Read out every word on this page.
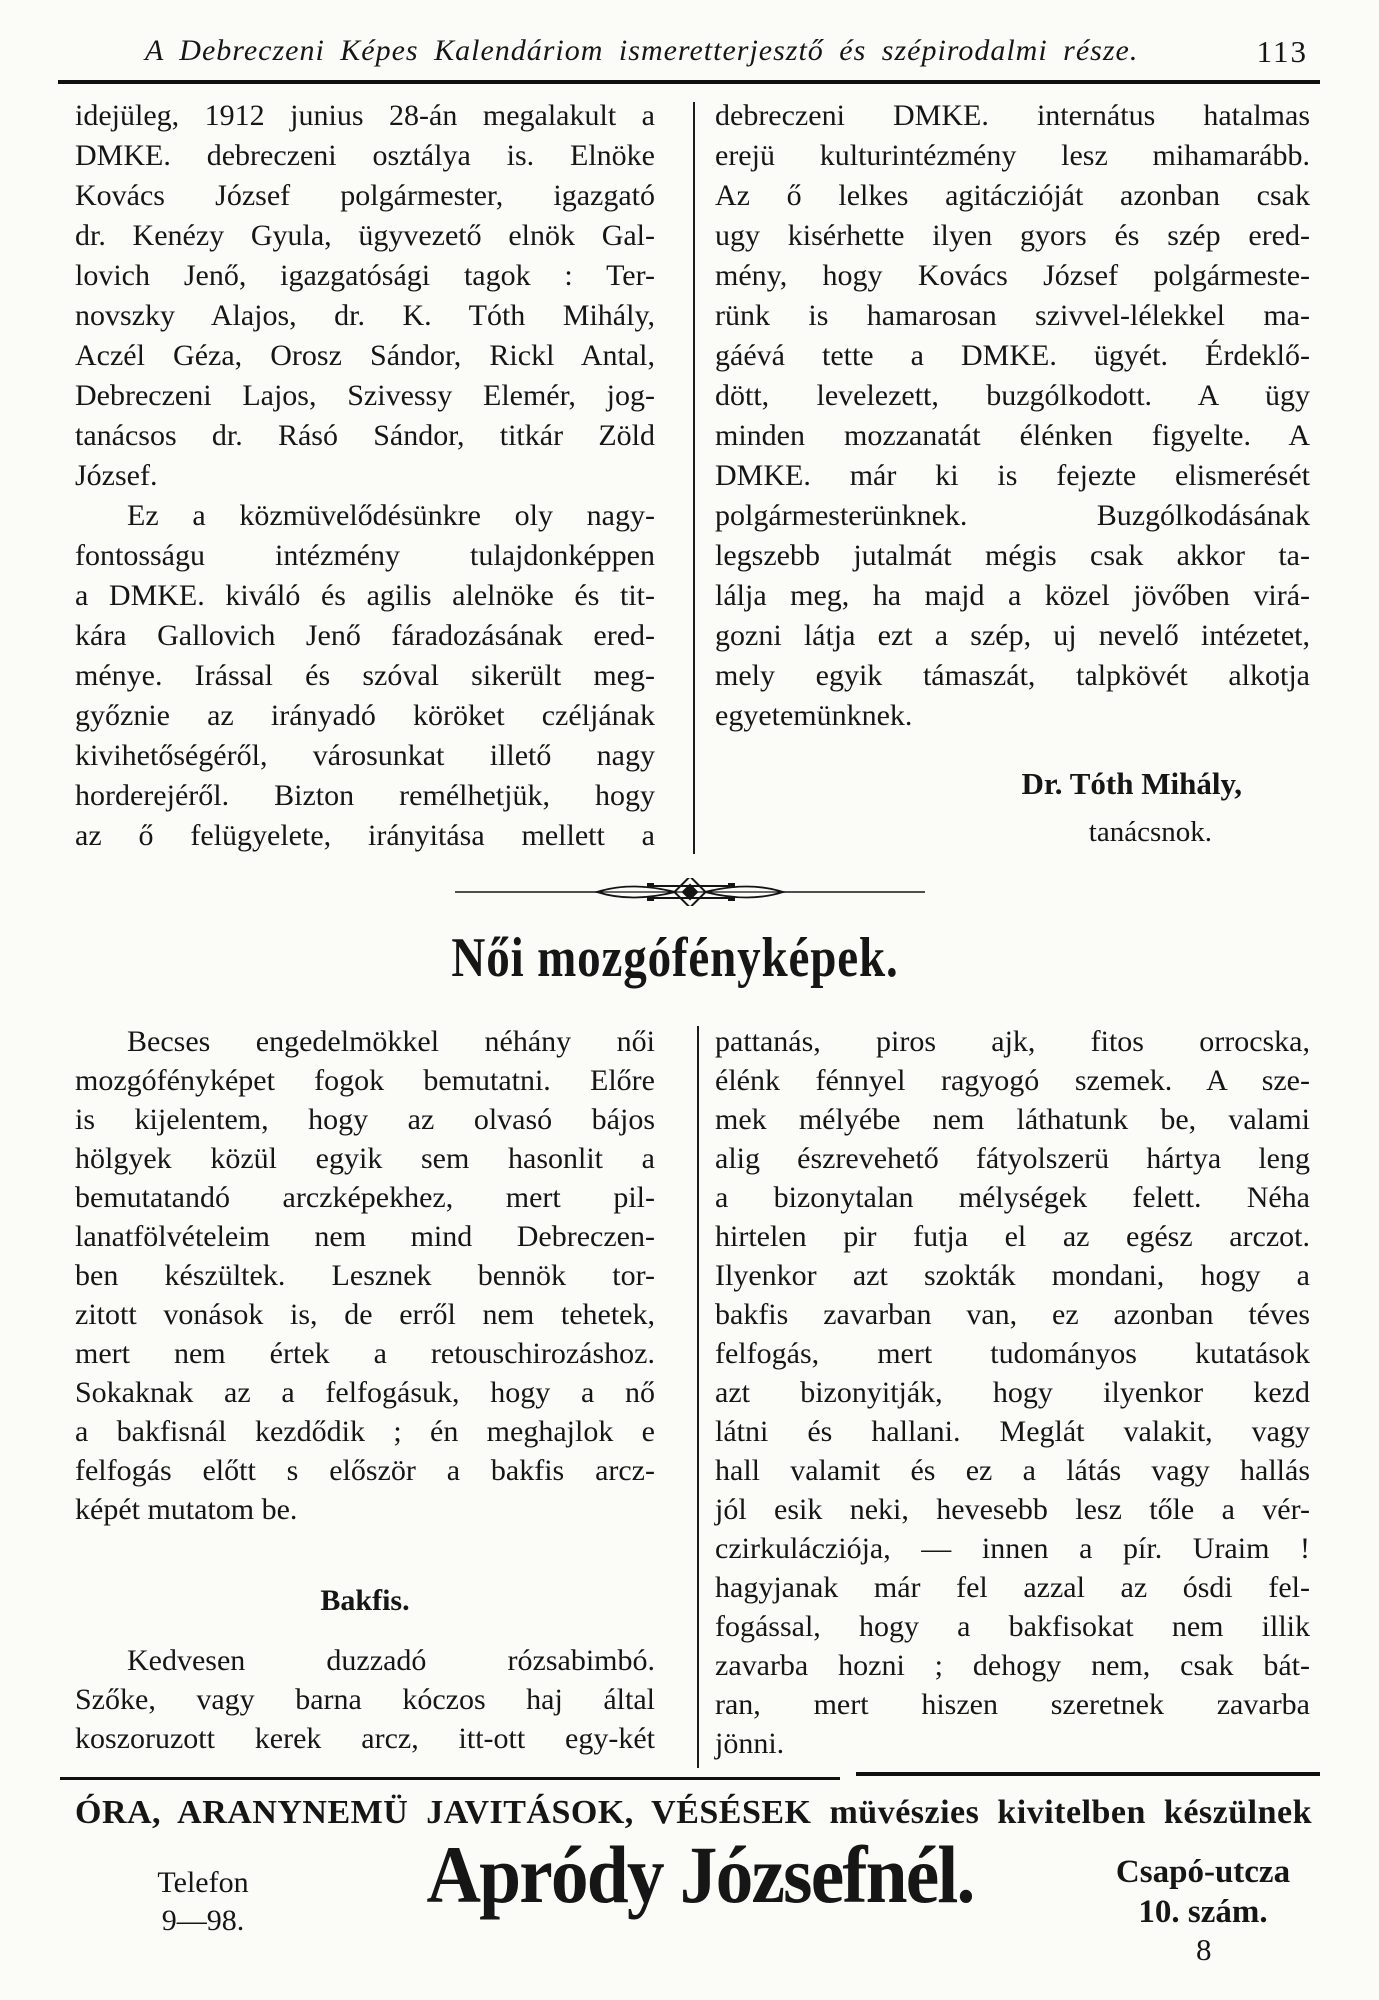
A Debreczeni Képes Kalendáriom ismeretterjesztő és szépirodalmi része.	113
idejüleg, 1912 junius 28-án megalakult a
DMKE. debreczeni osztálya is. Elnöke
Kovács József polgármester, igazgató
dr. Kenézy Gyula, ügyvezető elnök Gal-
lovich Jenő, igazgatósági tagok : Ter-
novszky Alajos, dr. K. Tóth Mihály,
Aczél Géza, Orosz Sándor, Rickl Antal,
Debreczeni Lajos, Szivessy Elemér, jog-
tanácsos dr. Rásó Sándor, titkár Zöld
József.
Ez a közmüvelődésünkre oly nagy-
fontosságu intézmény tulajdonképpen
a DMKE. kiváló és agilis alelnöke és tit-
kára Gallovich Jenő fáradozásának ered-
ménye. Irással és szóval sikerült meg-
győznie az irányadó köröket czéljának
kivihetőségéről, városunkat illető nagy
horderejéről. Bizton remélhetjük, hogy
az ő felügyelete, irányitása mellett a
debreczeni DMKE. internátus hatalmas
erejü kulturintézmény lesz mihamarább.
Az ő lelkes agitáczióját azonban csak
ugy kisérhette ilyen gyors és szép ered-
mény, hogy Kovács József polgármeste-
rünk is hamarosan szivvel-lélekkel ma-
gáévá tette a DMKE. ügyét. Érdeklő-
dött, levelezett, buzgólkodott. A ügy
minden mozzanatát élénken figyelte. A
DMKE. már ki is fejezte elismerését
polgármesterünknek. Buzgólkodásának
legszebb jutalmát mégis csak akkor ta-
lálja meg, ha majd a közel jövőben virá-
gozni látja ezt a szép, uj nevelő intézetet,
mely egyik támaszát, talpkövét alkotja
egyetemünknek.
Dr. Tóth Mihály,
tanácsnok.
Női mozgófényképek.
Becses engedelmökkel néhány női
mozgófényképet fogok bemutatni. Előre
is kijelentem, hogy az olvasó bájos
hölgyek közül egyik sem hasonlit a
bemutatandó arczképekhez, mert pil-
lanatfölvételeim nem mind Debreczen-
ben készültek. Lesznek bennök tor-
zitott vonások is, de erről nem tehetek,
mert nem értek a retouschirozáshoz.
Sokaknak az a felfogásuk, hogy a nő
a bakfisnál kezdődik ; én meghajlok e
felfogás előtt s először a bakfis arcz-
képét mutatom be.
Bakfis.
Kedvesen duzzadó rózsabimbó.
Szőke, vagy barna kóczos haj által
koszoruzott kerek arcz, itt-ott egy-két
pattanás, piros ajk, fitos orrocska,
élénk fénnyel ragyogó szemek. A sze-
mek mélyébe nem láthatunk be, valami
alig észrevehető fátyolszerü hártya leng
a bizonytalan mélységek felett. Néha
hirtelen pir futja el az egész arczot.
Ilyenkor azt szokták mondani, hogy a
bakfis zavarban van, ez azonban téves
felfogás, mert tudományos kutatások
azt bizonyitják, hogy ilyenkor kezd
látni és hallani. Meglát valakit, vagy
hall valamit és ez a látás vagy hallás
jól esik neki, hevesebb lesz tőle a vér-
czirkulácziója, — innen a pír. Uraim !
hagyjanak már fel azzal az ósdi fel-
fogással, hogy a bakfisokat nem illik
zavarba hozni ; dehogy nem, csak bát-
ran, mert hiszen szeretnek zavarba
jönni.
ÓRA, ARANYNEMÜ JAVITÁSOK, VÉSÉSEK müvészies kivitelben készülnek
Telefon
9—98.
Apródy Józsefnél.	Csapó-utcza
10. szám.
8
